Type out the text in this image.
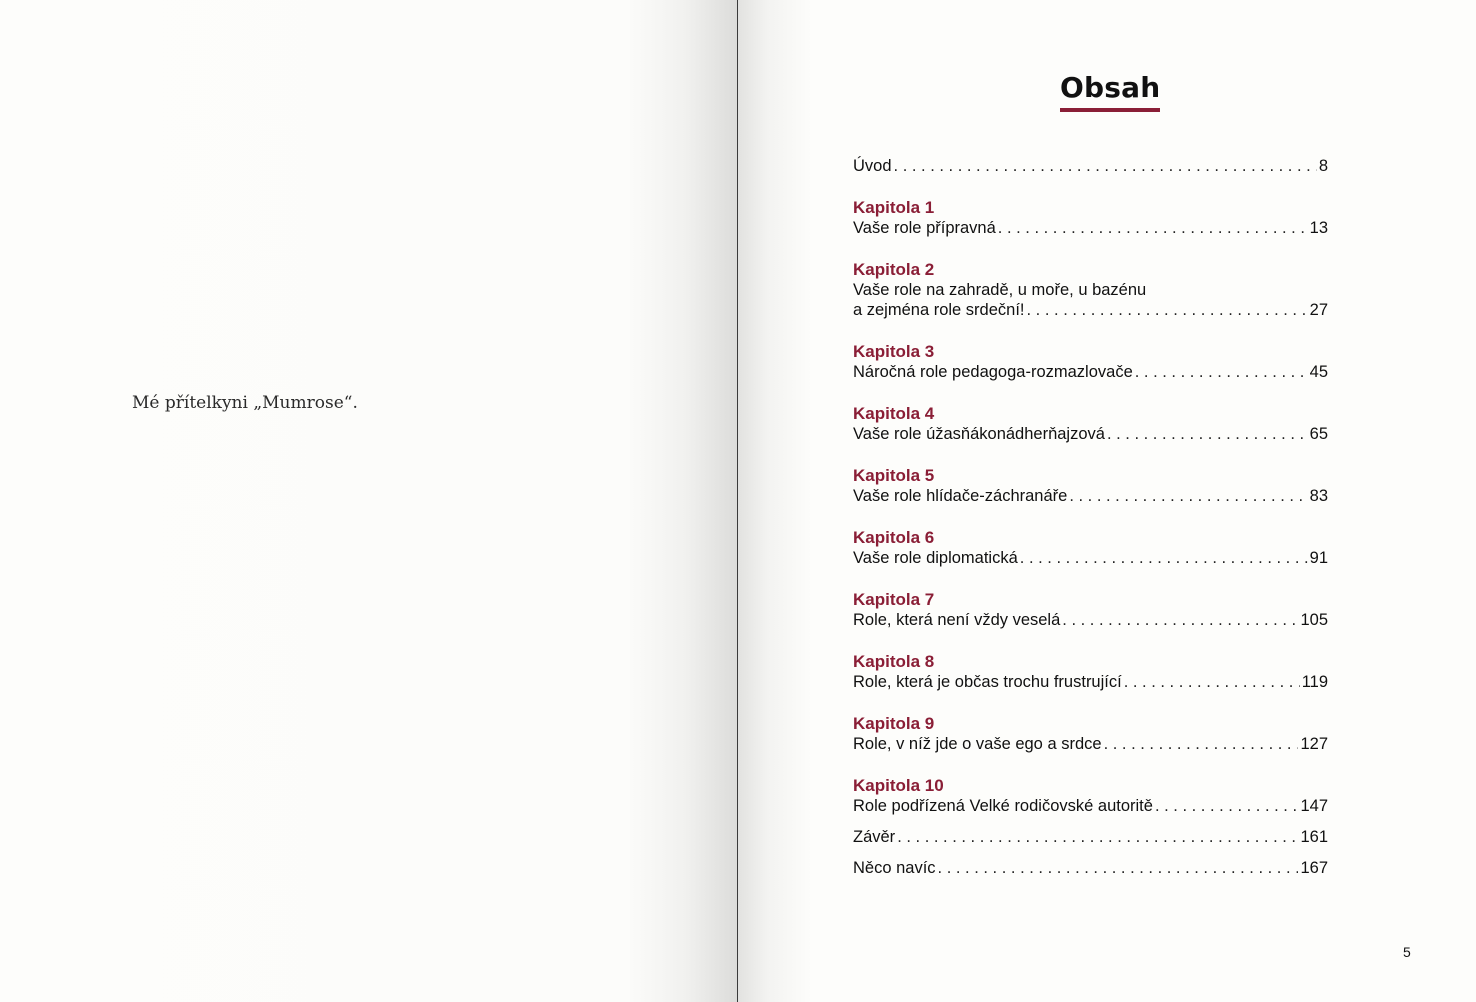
Mé přítelkyni „Mumrose“.
Obsah
Úvod . . .	8
Kapitola 1
Vaše role přípravná . . .	13
Kapitola 2
Vaše role na zahradě, u moře, u bazénu
a zejména role srdeční! . . .	27
Kapitola 3
Náročná role pedagoga-rozmazlovače . . .	45
Kapitola 4
Vaše role úžasňákonádherňajzová . . .	65
Kapitola 5
Vaše role hlídače-záchranáře . . .	83
Kapitola 6
Vaše role diplomatická . . .	91
Kapitola 7
Role, která není vždy veselá . . .	105
Kapitola 8
Role, která je občas trochu frustrující . . .	119
Kapitola 9
Role, v níž jde o vaše ego a srdce . . .	127
Kapitola 10
Role podřízená Velké rodičovské autoritě . . .	147
Závěr . . .	161
Něco navíc . . .	167
5
